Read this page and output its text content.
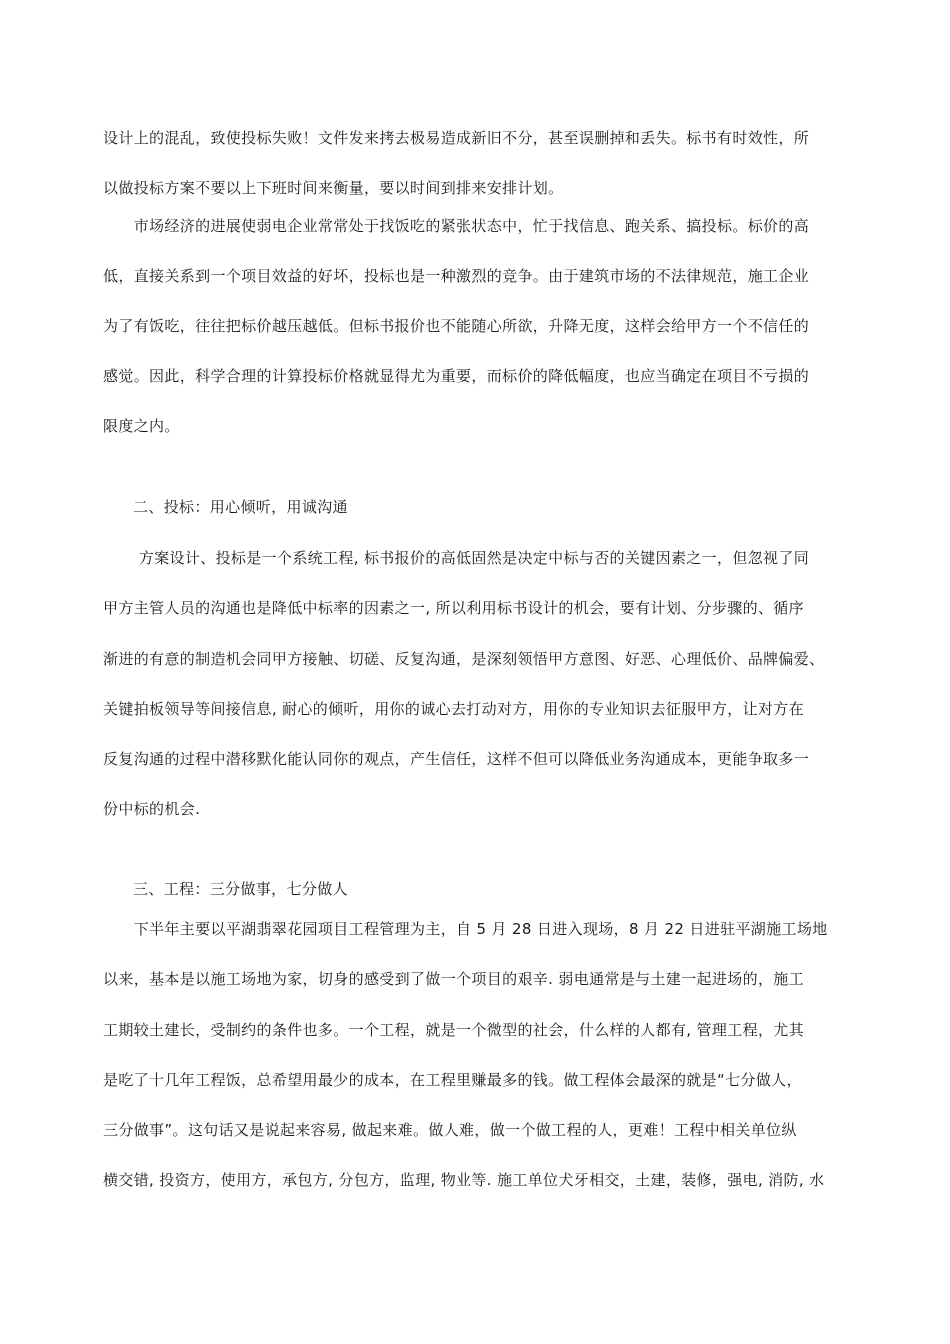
设计上的混乱，致使投标失败！文件发来拷去极易造成新旧不分，甚至误删掉和丢失。标书有时效性，所
以做投标方案不要以上下班时间来衡量，要以时间到排来安排计划。
　　市场经济的进展使弱电企业常常处于找饭吃的紧张状态中，忙于找信息、跑关系、搞投标。标价的高
低，直接关系到一个项目效益的好坏，投标也是一种激烈的竞争。由于建筑市场的不法律规范，施工企业
为了有饭吃，往往把标价越压越低。但标书报价也不能随心所欲，升降无度，这样会给甲方一个不信任的
感觉。因此，科学合理的计算投标价格就显得尤为重要，而标价的降低幅度，也应当确定在项目不亏损的
限度之内。
二、投标：用心倾听，用诚沟通
　　 方案设计、投标是一个系统工程, 标书报价的高低固然是决定中标与否的关键因素之一，但忽视了同
甲方主管人员的沟通也是降低中标率的因素之一, 所以利用标书设计的机会，要有计划、分步骤的、循序
渐进的有意的制造机会同甲方接触、切磋、反复沟通，是深刻领悟甲方意图、好恶、心理低价、品牌偏爱、
关键拍板领导等间接信息, 耐心的倾听，用你的诚心去打动对方，用你的专业知识去征服甲方，让对方在
反复沟通的过程中潜移默化能认同你的观点，产生信任，这样不但可以降低业务沟通成本，更能争取多一
份中标的机会.
三、工程：三分做事，七分做人
　　下半年主要以平湖翡翠花园项目工程管理为主，自 5 月 28 日进入现场，8 月 22 日进驻平湖施工场地
以来，基本是以施工场地为家，切身的感受到了做一个项目的艰辛. 弱电通常是与土建一起进场的，施工
工期较土建长，受制约的条件也多。一个工程，就是一个微型的社会，什么样的人都有, 管理工程，尤其
是吃了十几年工程饭，总希望用最少的成本，在工程里赚最多的钱。做工程体会最深的就是“七分做人，
三分做事”。这句话又是说起来容易, 做起来难。做人难，做一个做工程的人，更难！工程中相关单位纵
横交错, 投资方，使用方，承包方, 分包方，监理, 物业等. 施工单位犬牙相交，土建，装修，强电, 消防, 水
